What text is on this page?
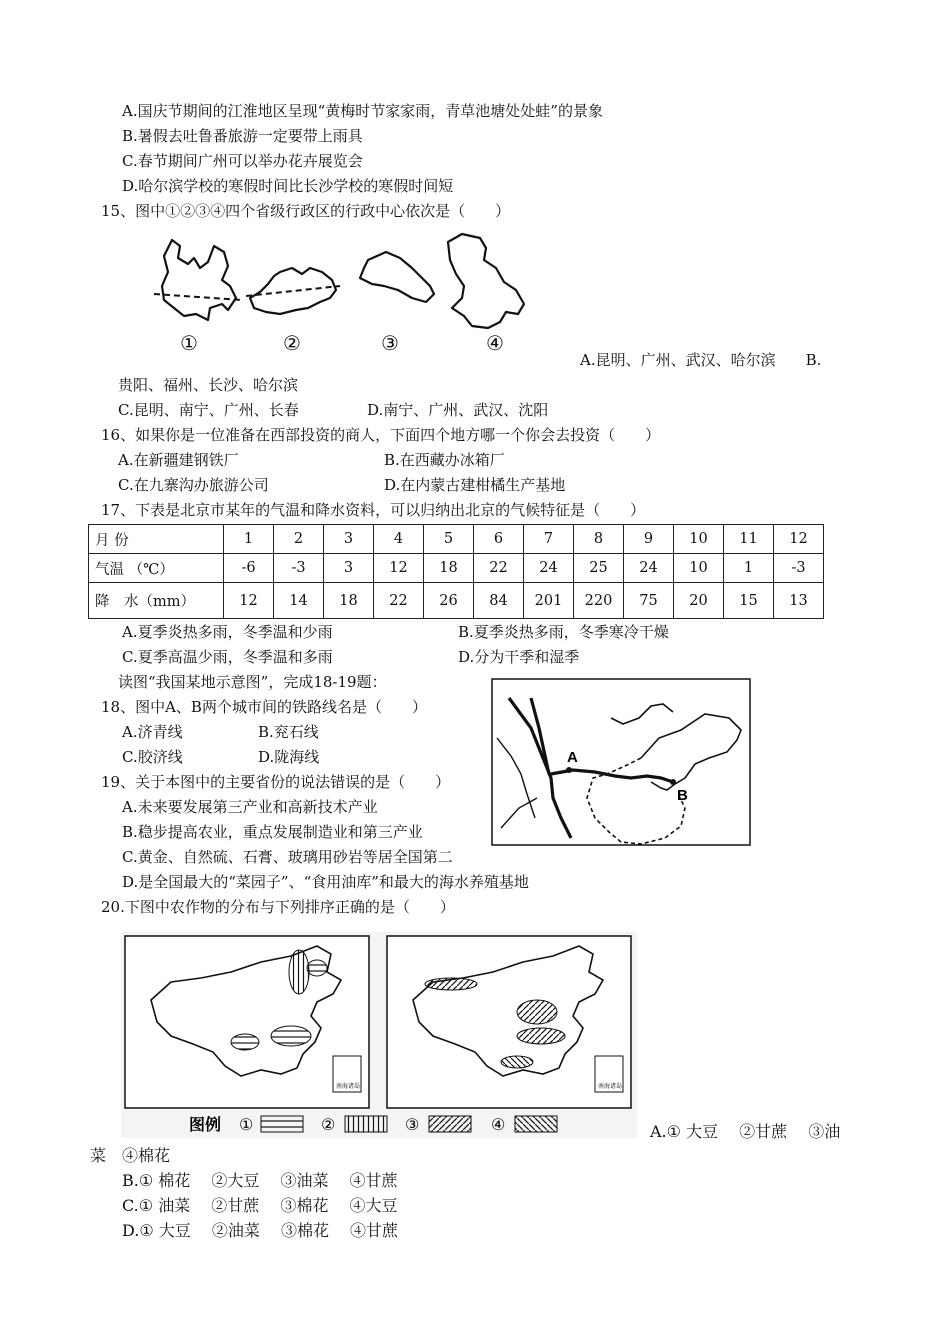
A.国庆节期间的江淮地区呈现“黄梅时节家家雨，青草池塘处处蛙”的景象
B.暑假去吐鲁番旅游一定要带上雨具
C.春节期间广州可以举办花卉展览会
D.哈尔滨学校的寒假时间比长沙学校的寒假时间短
15、图中①②③④四个省级行政区的行政中心依次是（　　）
①	②	③	④
A.昆明、广州、武汉、哈尔滨　　B.
贵阳、福州、长沙、哈尔滨
C.昆明、南宁、广州、长春	D.南宁、广州、武汉、沈阳
16、如果你是一位准备在西部投资的商人，下面四个地方哪一个你会去投资（　　）
A.在新疆建钢铁厂	B.在西藏办冰箱厂
C.在九寨沟办旅游公司	D.在内蒙古建柑橘生产基地
17、下表是北京市某年的气温和降水资料，可以归纳出北京的气候特征是（　　）
月 份	1	2	3	4	5	6	7	8	9	10	11	12
气温 （℃）	-6	-3	3	12	18	22	24	25	24	10	1	-3
降　水（mm）	12	14	18	22	26	84	201	220	75	20	15	13
A.夏季炎热多雨，冬季温和少雨	B.夏季炎热多雨，冬季寒冷干燥
C.夏季高温少雨，冬季温和多雨	D.分为干季和湿季
读图“我国某地示意图”，完成18-19题：
A
B
18、图中A、B两个城市间的铁路线名是（　　）
A.济青线	B.兖石线
C.胶济线	D.陇海线
19、关于本图中的主要省份的说法错误的是（　　）
A.未来要发展第三产业和高新技术产业
B.稳步提高农业，重点发展制造业和第三产业
C.黄金、自然硫、石膏、玻璃用砂岩等居全国第二
D.是全国最大的“菜园子”、“食用油库”和最大的海水养殖基地
20.下图中农作物的分布与下列排序正确的是（　　）
南海诸岛	南海诸岛
图例 ①	②	③	④	A.① 大豆　 ②甘蔗　 ③油
菜　④棉花
B.① 棉花　 ②大豆　 ③油菜　 ④甘蔗
C.① 油菜　 ②甘蔗　 ③棉花　 ④大豆
D.① 大豆　 ②油菜　 ③棉花　 ④甘蔗
